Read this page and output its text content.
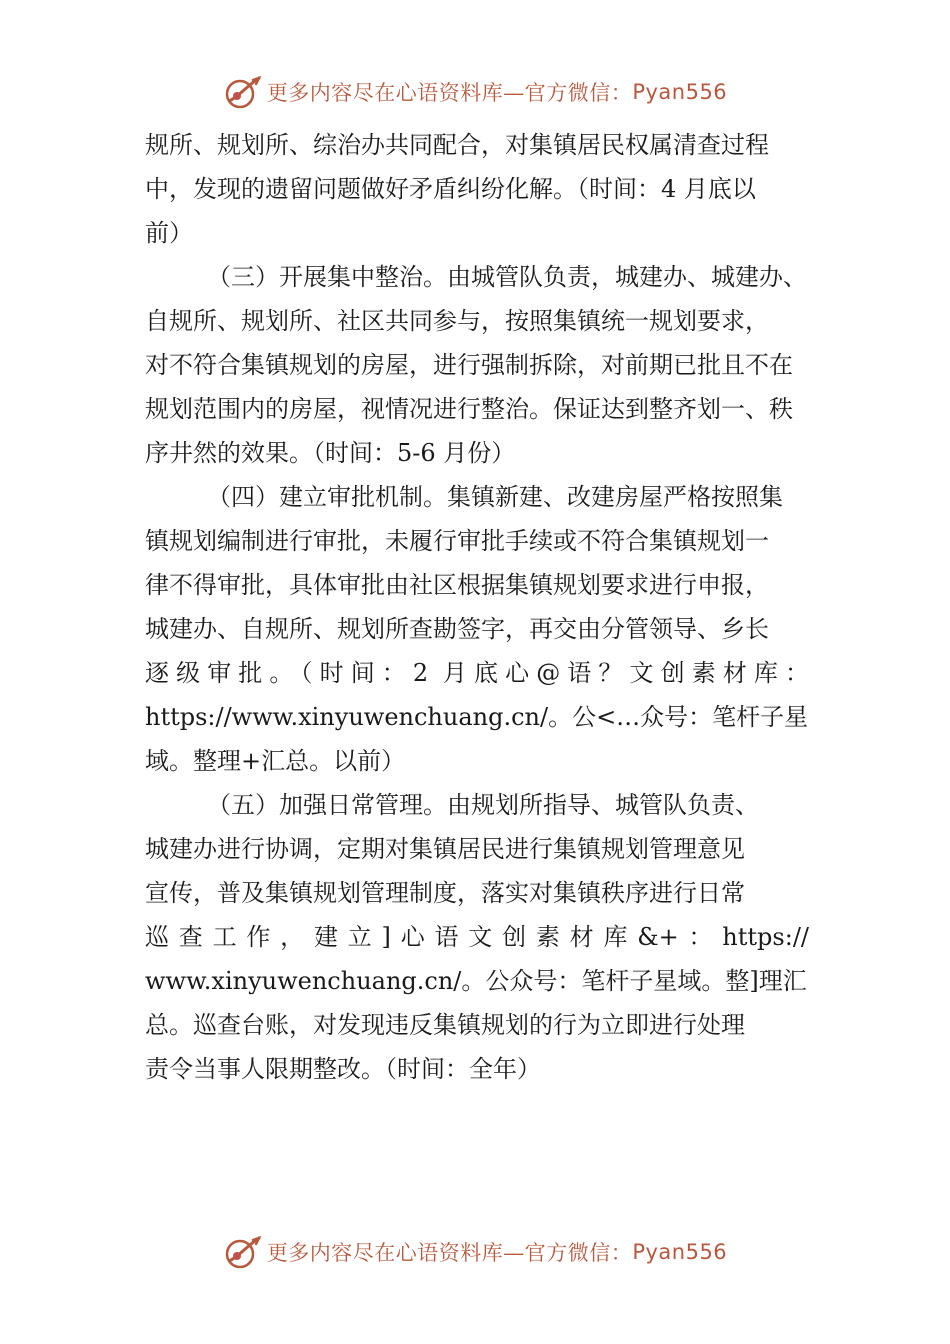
更多内容尽在心语资料库—官方微信： Pyan556
规所、规划所、综治办共同配合，对集镇居民权属清查过程
中，发现的遗留问题做好矛盾纠纷化解。（时间：4 月底以
前）
（三）开展集中整治。由城管队负责，城建办、城建办、
自规所、规划所、社区共同参与，按照集镇统一规划要求，
对不符合集镇规划的房屋，进行强制拆除，对前期已批且不在
规划范围内的房屋，视情况进行整治。保证达到整齐划一、秩
序井然的效果。（时间：5-6 月份）
（四）建立审批机制。集镇新建、改建房屋严格按照集
镇规划编制进行审批，未履行审批手续或不符合集镇规划一
律不得审批，具体审批由社区根据集镇规划要求进行申报，
城建办、自规所、规划所查勘签字，再交由分管领导、乡长
逐级审批。（时间：2 月底心@语？文创素材库：
https://www.xinyuwenchuang.cn/。公<…众号：笔杆子星
域。整理+汇总。以前）
（五）加强日常管理。由规划所指导、城管队负责、
城建办进行协调，定期对集镇居民进行集镇规划管理意见
宣传，普及集镇规划管理制度，落实对集镇秩序进行日常
巡查工作，建立]心语文创素材库&+：https://
www.xinyuwenchuang.cn/。公众号：笔杆子星域。整]理汇
总。巡查台账，对发现违反集镇规划的行为立即进行处理
责令当事人限期整改。（时间：全年）
更多内容尽在心语资料库—官方微信： Pyan556
